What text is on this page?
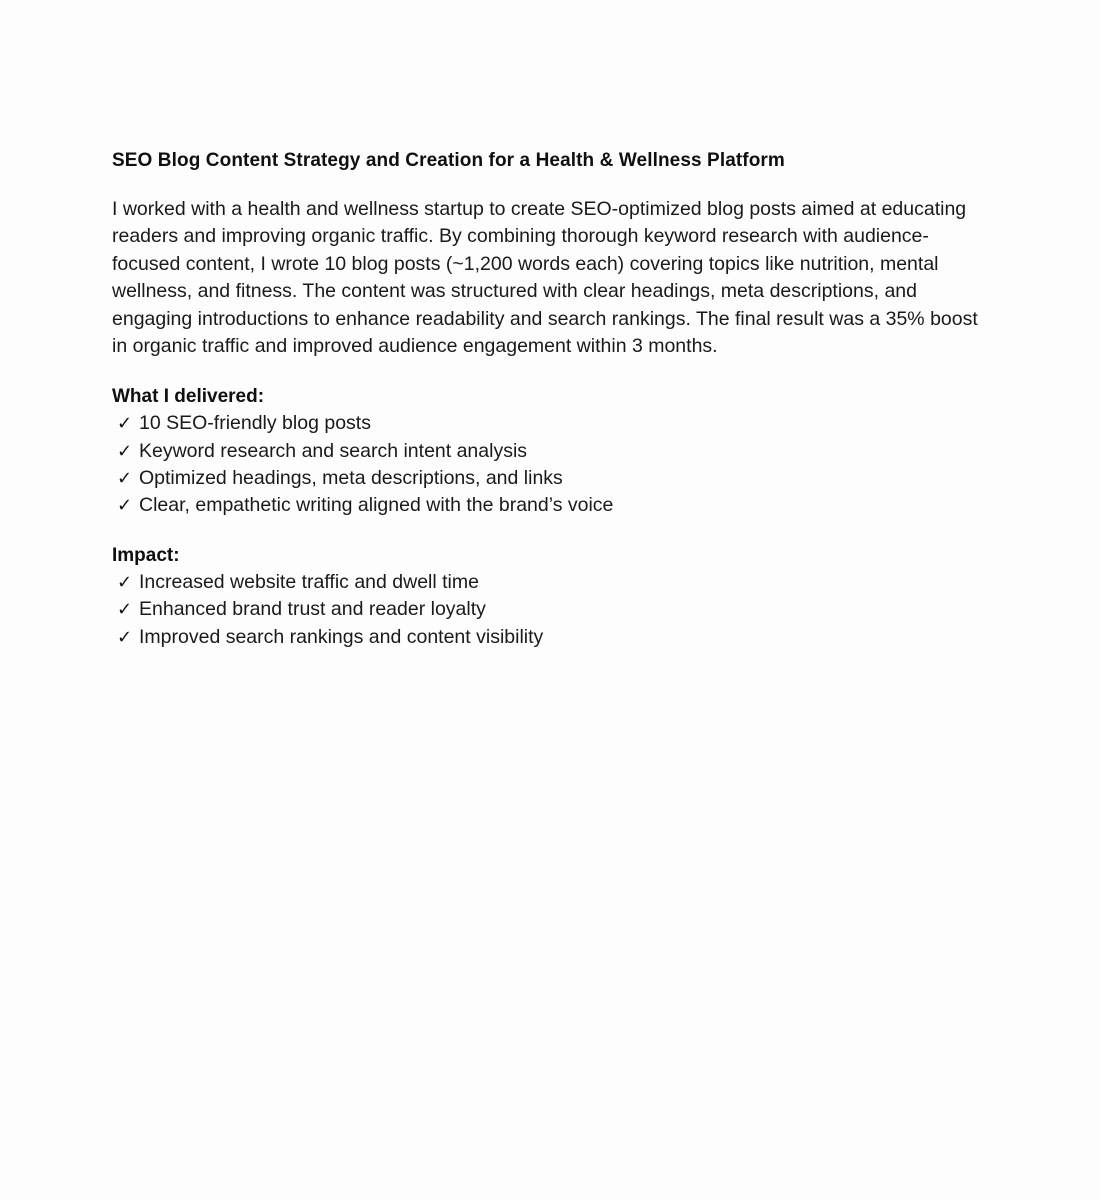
SEO Blog Content Strategy and Creation for a Health & Wellness Platform

I worked with a health and wellness startup to create SEO-optimized blog posts aimed at educating readers and improving organic traffic. By combining thorough keyword research with audience-focused content, I wrote 10 blog posts (~1,200 words each) covering topics like nutrition, mental wellness, and fitness. The content was structured with clear headings, meta descriptions, and engaging introductions to enhance readability and search rankings. The final result was a 35% boost in organic traffic and improved audience engagement within 3 months.

What I delivered:
✓ 10 SEO-friendly blog posts
✓ Keyword research and search intent analysis
✓ Optimized headings, meta descriptions, and links
✓ Clear, empathetic writing aligned with the brand’s voice
Impact:
✓ Increased website traffic and dwell time
✓ Enhanced brand trust and reader loyalty
✓ Improved search rankings and content visibility
